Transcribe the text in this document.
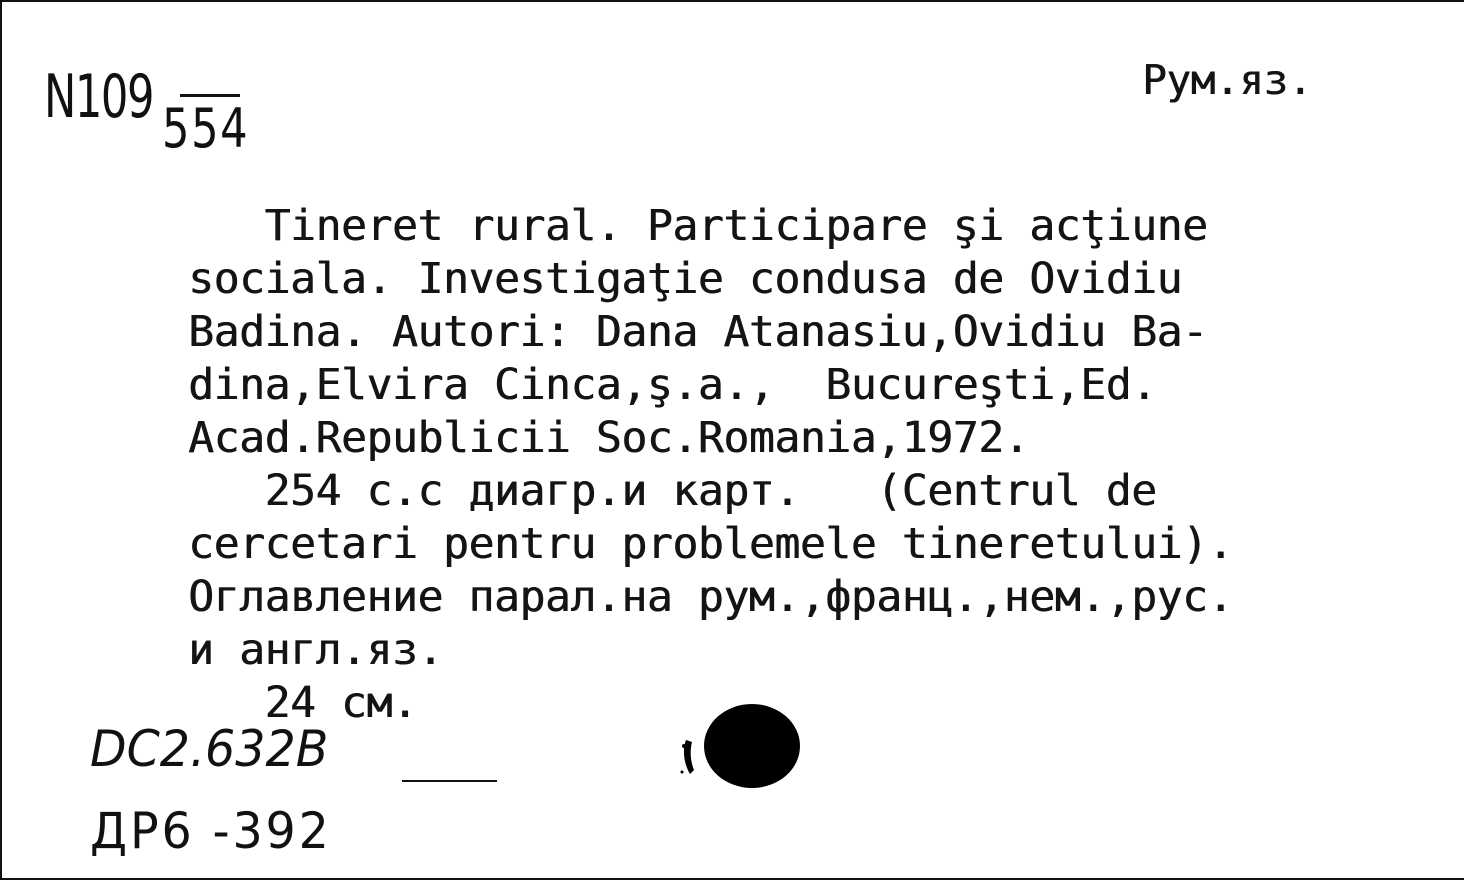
N109 554
Рум.яз.
Tineret rural. Participare şi acţiune
sociala. Investigaţie condusa de Ovidiu
Badina. Autori: Dana Atanasiu,Ovidiu Ba-
dina,Elvira Cinca,ş.a.,  Bucureşti,Ed.
Acad.Republicii Soc.Romania,1972.
254 c.c диагр.и карт.   (Centrul de
cercetari pentru problemele tineretului).
Оглавление парал.на рум.,франц.,нем.,рус.
и англ.яз.
24 см.
DC2.632B
ДР6 -392
